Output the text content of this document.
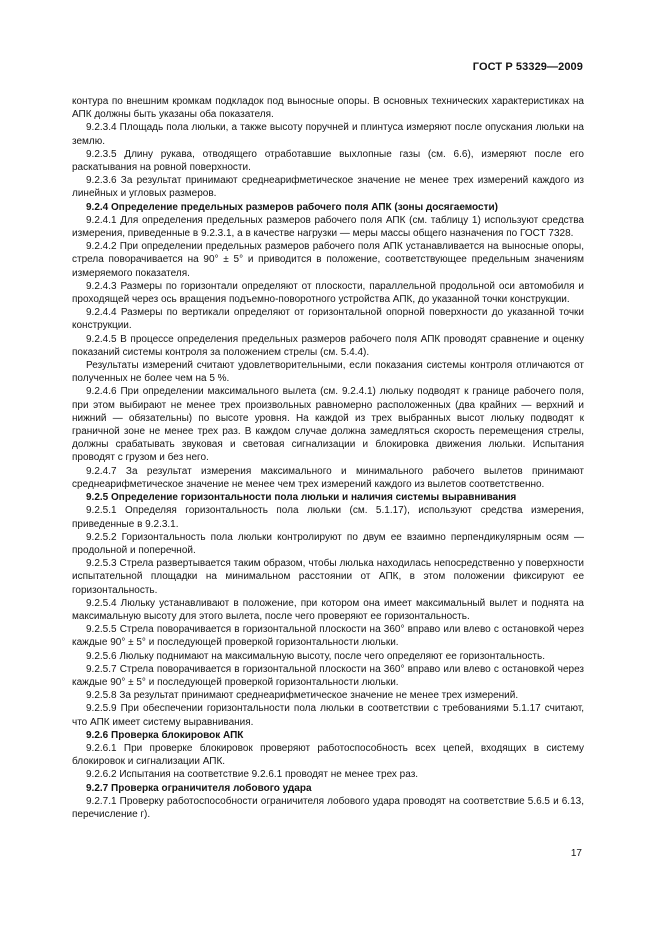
ГОСТ Р 53329—2009

контура по внешним кромкам подкладок под выносные опоры. В основных технических характеристиках на АПК должны быть указаны оба показателя.

9.2.3.4 Площадь пола люльки, а также высоту поручней и плинтуса измеряют после опускания люльки на землю.

9.2.3.5 Длину рукава, отводящего отработавшие выхлопные газы (см. 6.6), измеряют после его раскатывания на ровной поверхности.

9.2.3.6 За результат принимают среднеарифметическое значение не менее трех измерений каждого из линейных и угловых размеров.

9.2.4 Определение предельных размеров рабочего поля АПК (зоны досягаемости)

9.2.4.1 Для определения предельных размеров рабочего поля АПК (см. таблицу 1) используют средства измерения, приведенные в 9.2.3.1, а в качестве нагрузки — меры массы общего назначения по ГОСТ 7328.

9.2.4.2 При определении предельных размеров рабочего поля АПК устанавливается на выносные опоры, стрела поворачивается на 90° ± 5° и приводится в положение, соответствующее предельным значениям измеряемого показателя.

9.2.4.3 Размеры по горизонтали определяют от плоскости, параллельной продольной оси автомобиля и проходящей через ось вращения подъемно-поворотного устройства АПК, до указанной точки конструкции.

9.2.4.4 Размеры по вертикали определяют от горизонтальной опорной поверхности до указанной точки конструкции.

9.2.4.5 В процессе определения предельных размеров рабочего поля АПК проводят сравнение и оценку показаний системы контроля за положением стрелы (см. 5.4.4).

Результаты измерений считают удовлетворительными, если показания системы контроля отличаются от полученных не более чем на 5 %.

9.2.4.6 При определении максимального вылета (см. 9.2.4.1) люльку подводят к границе рабочего поля, при этом выбирают не менее трех произвольных равномерно расположенных (два крайних — верхний и нижний — обязательны) по высоте уровня. На каждой из трех выбранных высот люльку подводят к граничной зоне не менее трех раз. В каждом случае должна замедляться скорость перемещения стрелы, должны срабатывать звуковая и световая сигнализации и блокировка движения люльки. Испытания проводят с грузом и без него.

9.2.4.7 За результат измерения максимального и минимального рабочего вылетов принимают среднеарифметическое значение не менее чем трех измерений каждого из вылетов соответственно.

9.2.5 Определение горизонтальности пола люльки и наличия системы выравнивания

9.2.5.1 Определяя горизонтальность пола люльки (см. 5.1.17), используют средства измерения, приведенные в 9.2.3.1.

9.2.5.2 Горизонтальность пола люльки контролируют по двум ее взаимно перпендикулярным осям — продольной и поперечной.

9.2.5.3 Стрела развертывается таким образом, чтобы люлька находилась непосредственно у поверхности испытательной площадки на минимальном расстоянии от АПК, в этом положении фиксируют ее горизонтальность.

9.2.5.4 Люльку устанавливают в положение, при котором она имеет максимальный вылет и поднята на максимальную высоту для этого вылета, после чего проверяют ее горизонтальность.

9.2.5.5 Стрела поворачивается в горизонтальной плоскости на 360° вправо или влево с остановкой через каждые 90° ± 5° и последующей проверкой горизонтальности люльки.

9.2.5.6 Люльку поднимают на максимальную высоту, после чего определяют ее горизонтальность.

9.2.5.7 Стрела поворачивается в горизонтальной плоскости на 360° вправо или влево с остановкой через каждые 90° ± 5° и последующей проверкой горизонтальности люльки.

9.2.5.8 За результат принимают среднеарифметическое значение не менее трех измерений.

9.2.5.9 При обеспечении горизонтальности пола люльки в соответствии с требованиями 5.1.17 считают, что АПК имеет систему выравнивания.

9.2.6 Проверка блокировок АПК

9.2.6.1 При проверке блокировок проверяют работоспособность всех цепей, входящих в систему блокировок и сигнализации АПК.

9.2.6.2 Испытания на соответствие 9.2.6.1 проводят не менее трех раз.

9.2.7 Проверка ограничителя лобового удара

9.2.7.1 Проверку работоспособности ограничителя лобового удара проводят на соответствие 5.6.5 и 6.13, перечисление г).

17
